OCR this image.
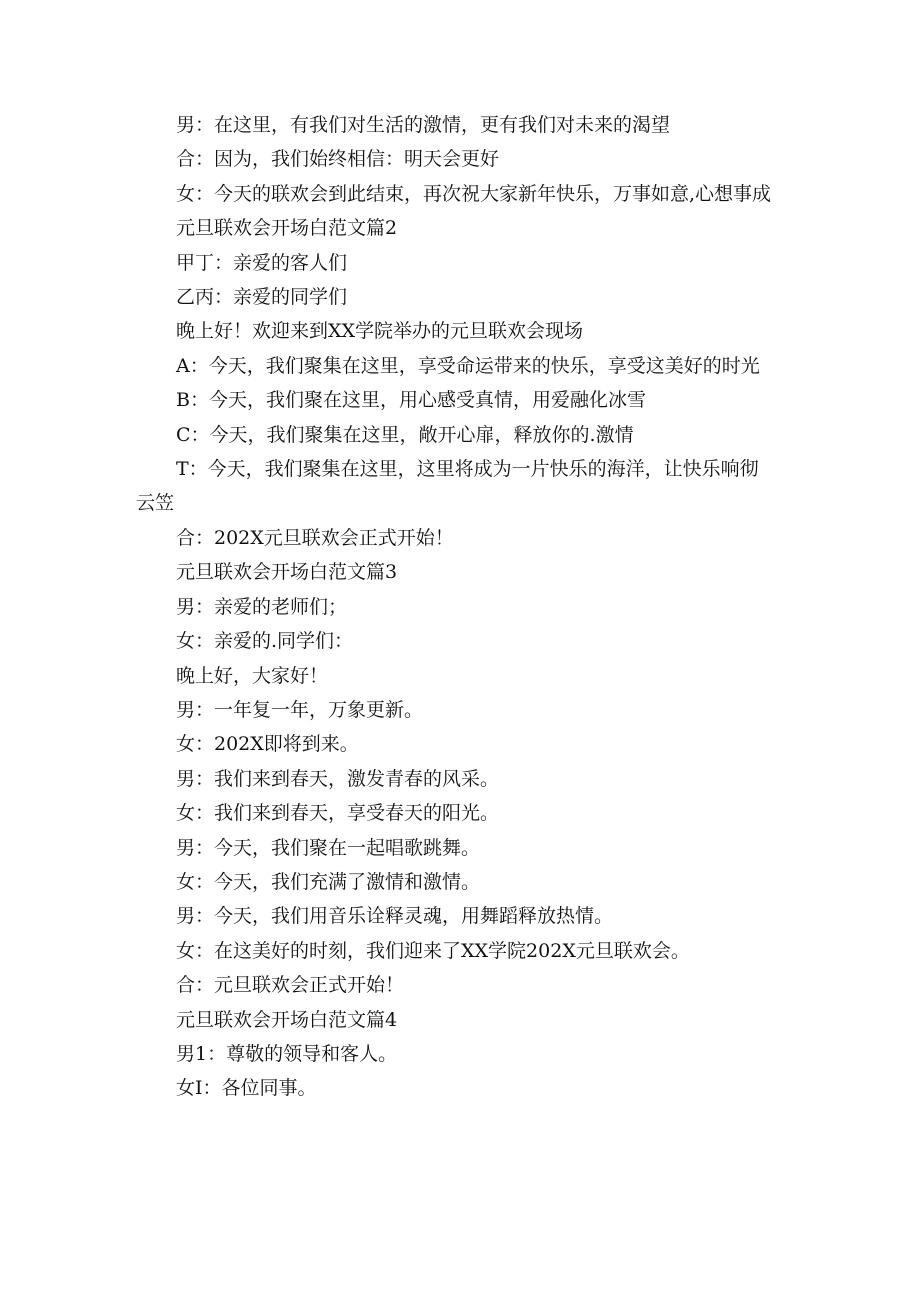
男：在这里，有我们对生活的激情，更有我们对未来的渴望

合：因为，我们始终相信：明天会更好

女：今天的联欢会到此结束，再次祝大家新年快乐，万事如意,心想事成

元旦联欢会开场白范文篇2

甲丁：亲爱的客人们

乙丙：亲爱的同学们

晚上好！欢迎来到XX学院举办的元旦联欢会现场

A：今天，我们聚集在这里，享受命运带来的快乐，享受这美好的时光

B：今天，我们聚在这里，用心感受真情，用爱融化冰雪

C：今天，我们聚集在这里，敞开心扉，释放你的.激情

T：今天，我们聚集在这里，这里将成为一片快乐的海洋，让快乐响彻云笠

合：202X元旦联欢会正式开始！

元旦联欢会开场白范文篇3

男：亲爱的老师们；

女：亲爱的.同学们：

晚上好，大家好！

男：一年复一年，万象更新。

女：202X即将到来。

男：我们来到春天，激发青春的风采。

女：我们来到春天，享受春天的阳光。

男：今天，我们聚在一起唱歌跳舞。

女：今天，我们充满了激情和激情。

男：今天，我们用音乐诠释灵魂，用舞蹈释放热情。

女：在这美好的时刻，我们迎来了XX学院202X元旦联欢会。

合：元旦联欢会正式开始！

元旦联欢会开场白范文篇4

男1：尊敬的领导和客人。

女I：各位同事。
